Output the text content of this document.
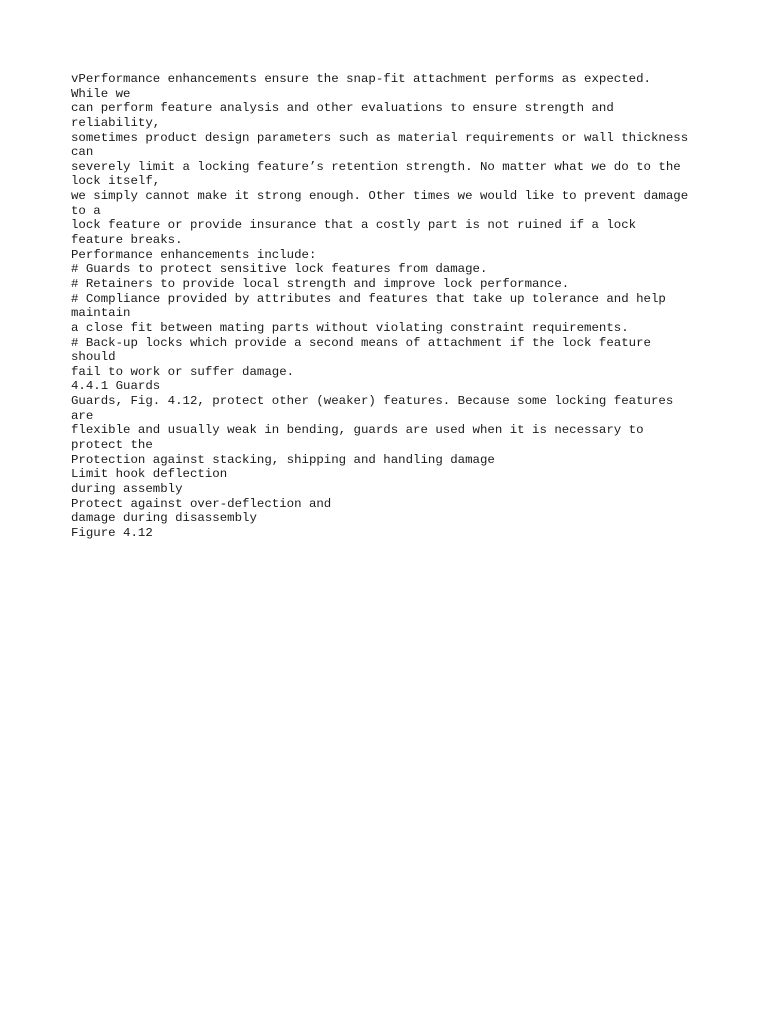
vPerformance enhancements ensure the snap-fit attachment performs as expected.
While we
can perform feature analysis and other evaluations to ensure strength and
reliability,
sometimes product design parameters such as material requirements or wall thickness
can
severely limit a locking feature’s retention strength. No matter what we do to the
lock itself,
we simply cannot make it strong enough. Other times we would like to prevent damage
to a
lock feature or provide insurance that a costly part is not ruined if a lock
feature breaks.
Performance enhancements include:
# Guards to protect sensitive lock features from damage.
# Retainers to provide local strength and improve lock performance.
# Compliance provided by attributes and features that take up tolerance and help
maintain
a close fit between mating parts without violating constraint requirements.
# Back-up locks which provide a second means of attachment if the lock feature
should
fail to work or suffer damage.
4.4.1 Guards
Guards, Fig. 4.12, protect other (weaker) features. Because some locking features
are
flexible and usually weak in bending, guards are used when it is necessary to
protect the
Protection against stacking, shipping and handling damage
Limit hook deflection
during assembly
Protect against over-deflection and
damage during disassembly
Figure 4.12
